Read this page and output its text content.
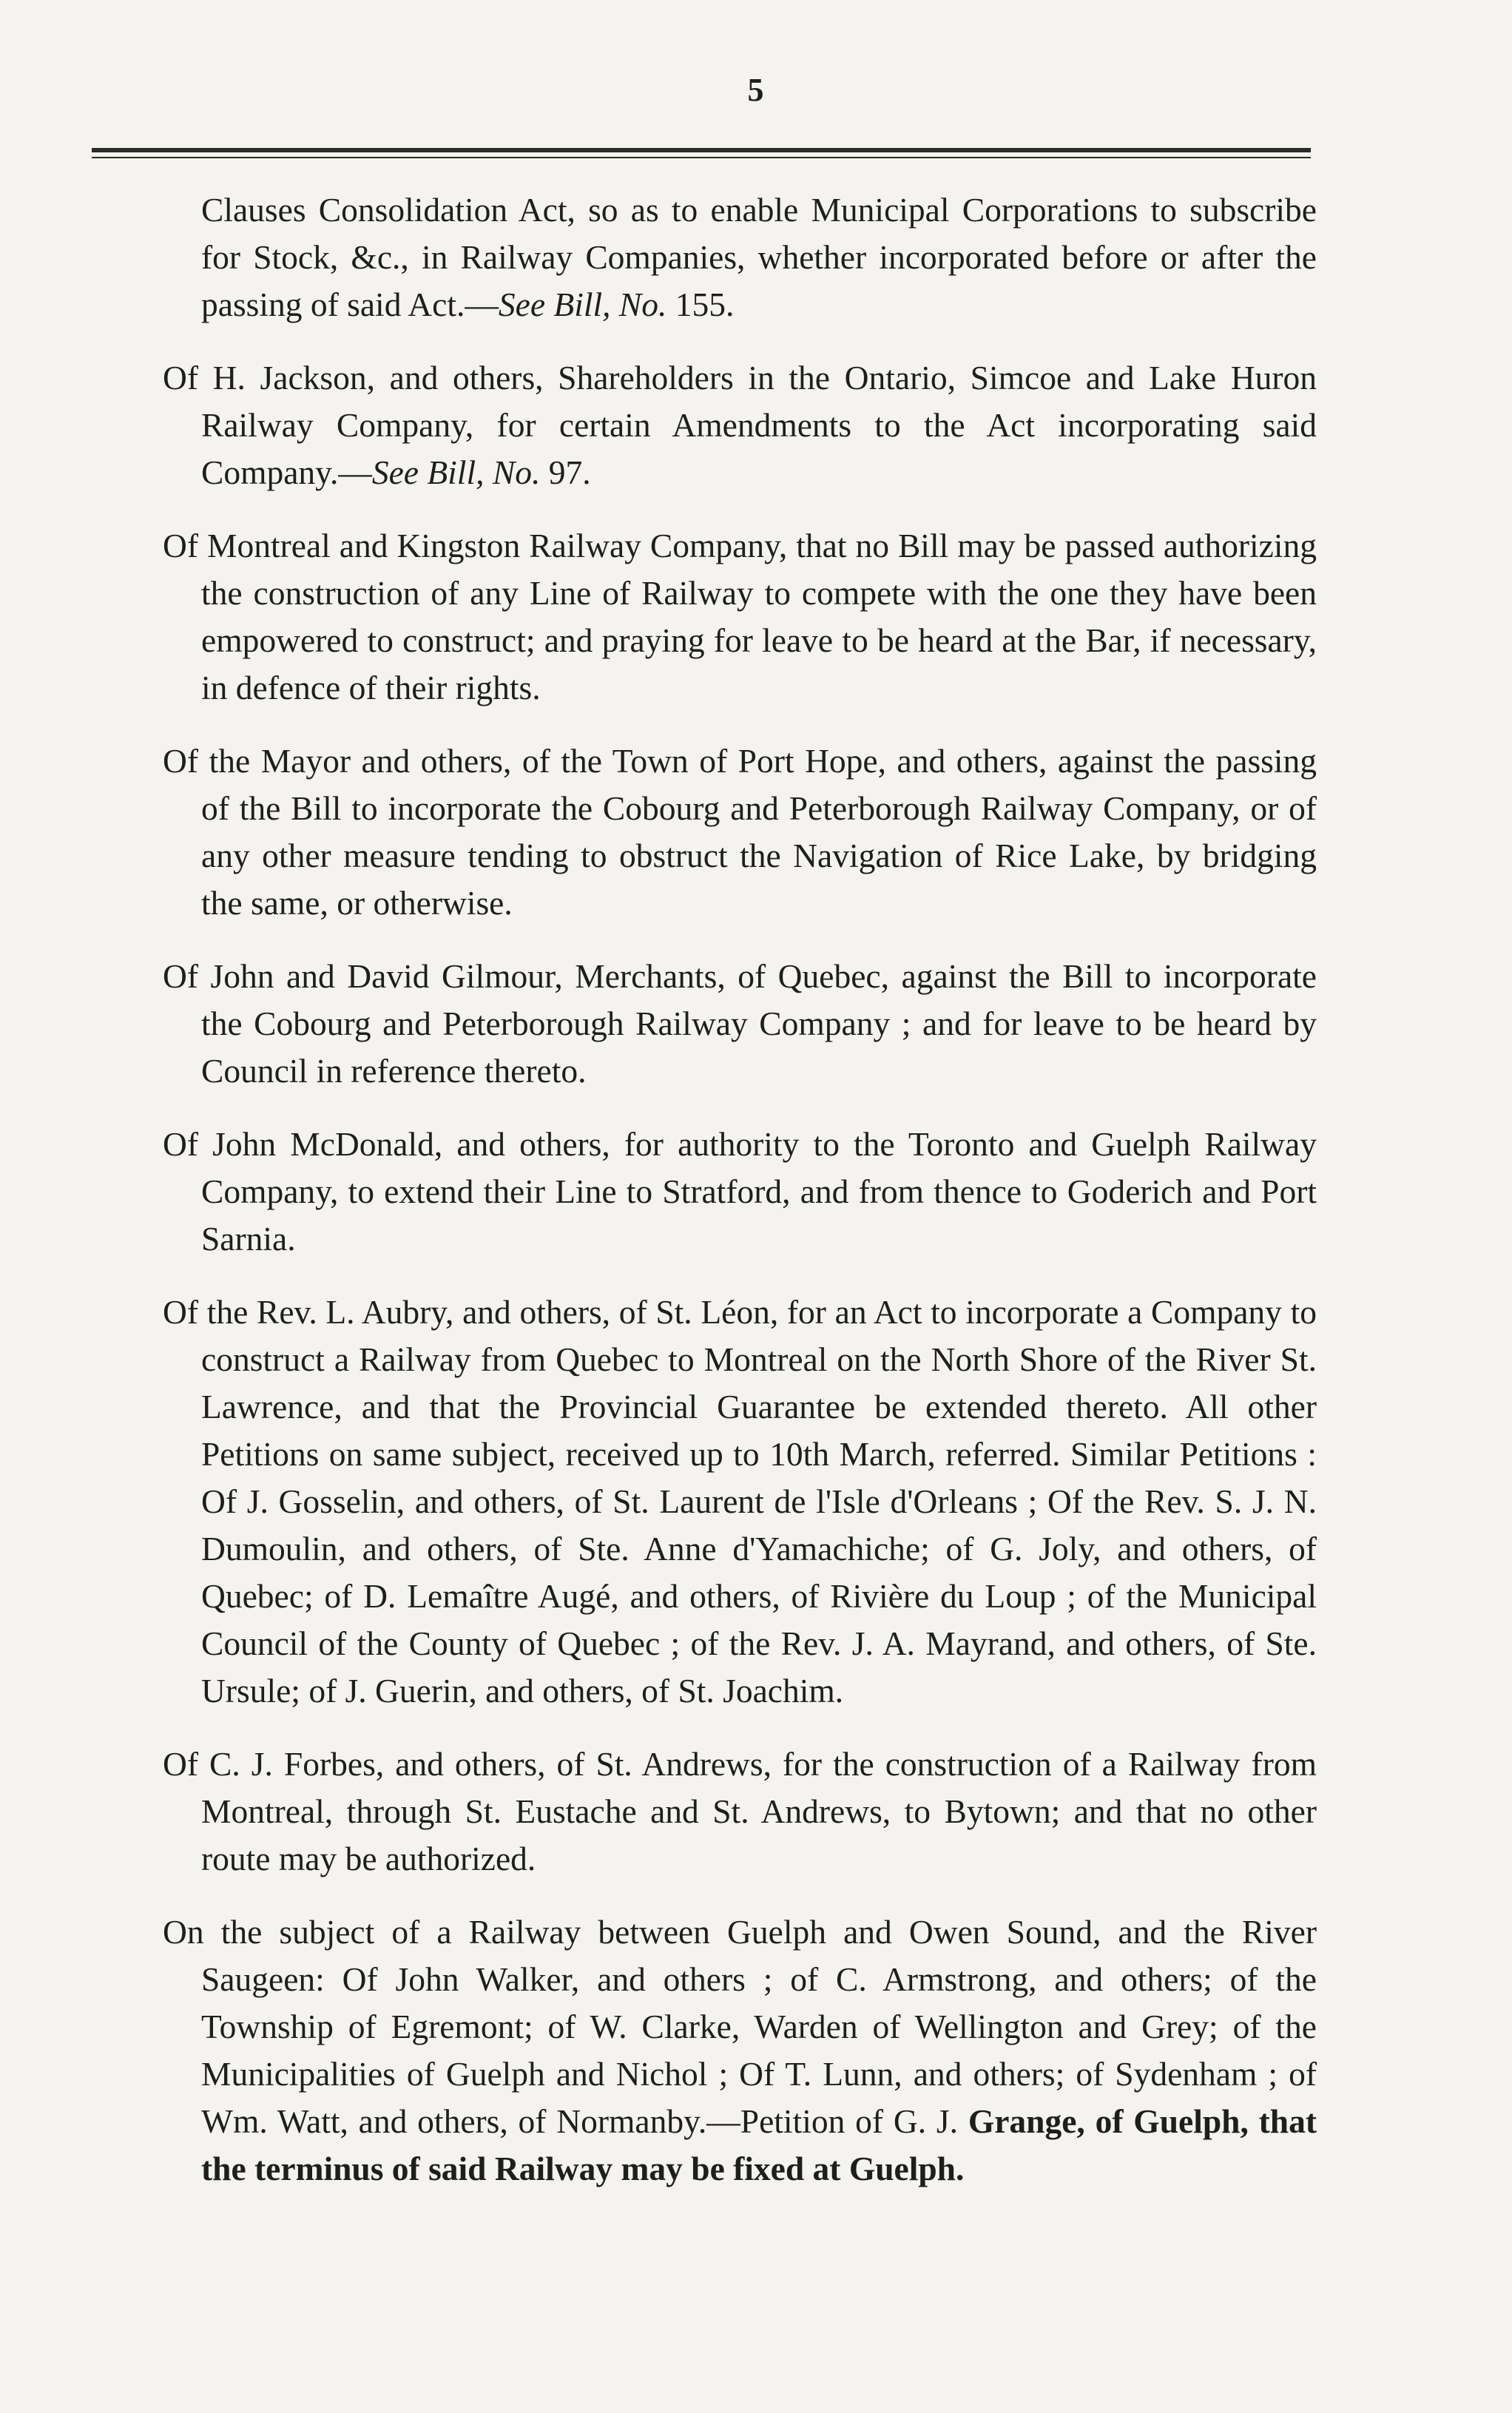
5

Clauses Consolidation Act, so as to enable Municipal Corporations to subscribe for Stock, &c., in Railway Companies, whether incorporated before or after the passing of said Act.—See Bill, No. 155.

Of H. Jackson, and others, Shareholders in the Ontario, Simcoe and Lake Huron Railway Company, for certain Amendments to the Act incorporating said Company.—See Bill, No. 97.

Of Montreal and Kingston Railway Company, that no Bill may be passed authorizing the construction of any Line of Railway to compete with the one they have been empowered to construct; and praying for leave to be heard at the Bar, if necessary, in defence of their rights.

Of the Mayor and others, of the Town of Port Hope, and others, against the passing of the Bill to incorporate the Cobourg and Peterborough Railway Company, or of any other measure tending to obstruct the Navigation of Rice Lake, by bridging the same, or otherwise.

Of John and David Gilmour, Merchants, of Quebec, against the Bill to incorporate the Cobourg and Peterborough Railway Company ; and for leave to be heard by Council in reference thereto.

Of John McDonald, and others, for authority to the Toronto and Guelph Railway Company, to extend their Line to Stratford, and from thence to Goderich and Port Sarnia.

Of the Rev. L. Aubry, and others, of St. Léon, for an Act to incorporate a Company to construct a Railway from Quebec to Montreal on the North Shore of the River St. Lawrence, and that the Provincial Guarantee be extended thereto. All other Petitions on same subject, received up to 10th March, referred. Similar Petitions : Of J. Gosselin, and others, of St. Laurent de l'Isle d'Orleans ; Of the Rev. S. J. N. Dumoulin, and others, of Ste. Anne d'Yamachiche; of G. Joly, and others, of Quebec; of D. Lemaître Augé, and others, of Rivière du Loup ; of the Municipal Council of the County of Quebec ; of the Rev. J. A. Mayrand, and others, of Ste. Ursule; of J. Guerin, and others, of St. Joachim.

Of C. J. Forbes, and others, of St. Andrews, for the construction of a Railway from Montreal, through St. Eustache and St. Andrews, to Bytown; and that no other route may be authorized.

On the subject of a Railway between Guelph and Owen Sound, and the River Saugeen: Of John Walker, and others ; of C. Armstrong, and others; of the Township of Egremont; of W. Clarke, Warden of Wellington and Grey; of the Municipalities of Guelph and Nichol ; Of T. Lunn, and others; of Sydenham ; of Wm. Watt, and others, of Normanby.—Petition of G. J. Grange, of Guelph, that the terminus of said Railway may be fixed at Guelph.
